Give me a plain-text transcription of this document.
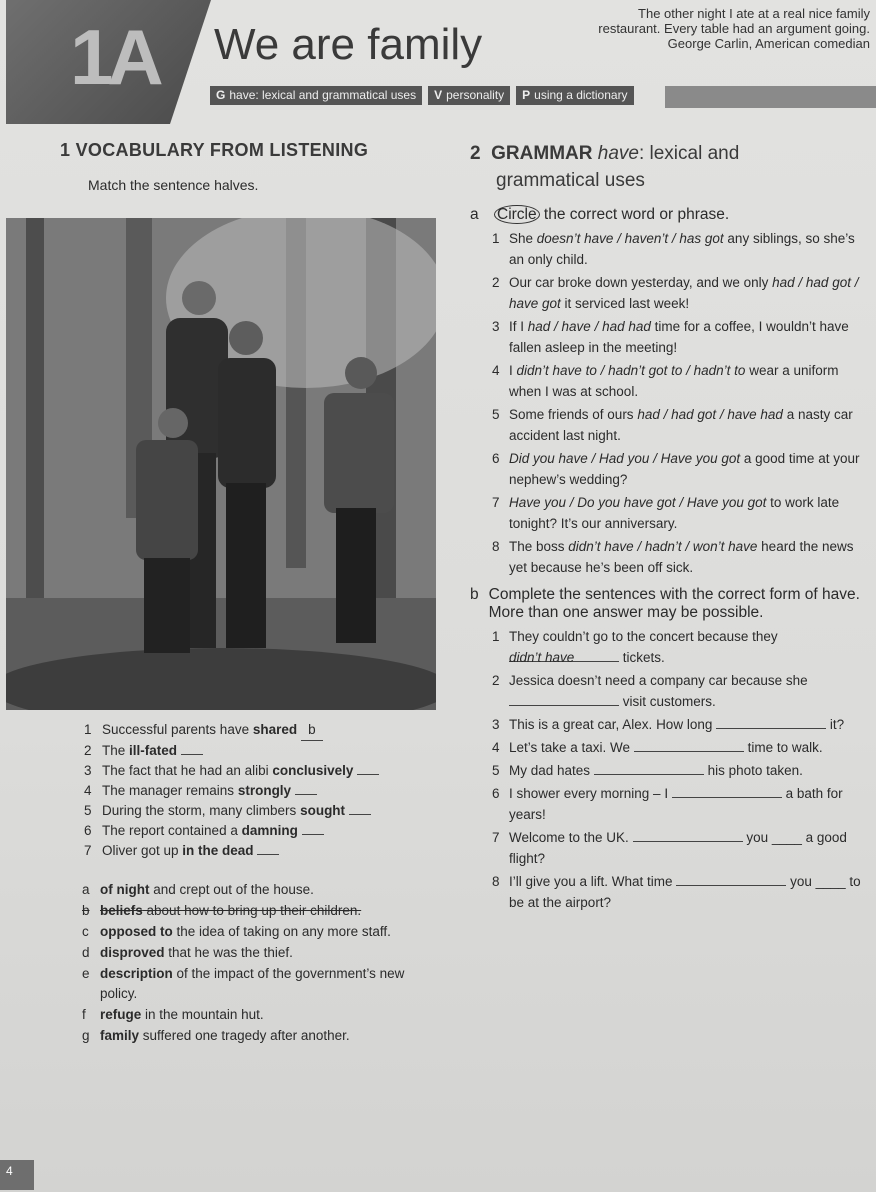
1A We are family
The other night I ate at a real nice family
restaurant. Every table had an argument going.

George Carlin, American comedian
G have: lexical and grammatical uses	V personality	P using a dictionary
1 VOCABULARY FROM LISTENING
Match the sentence halves.
1 Successful parents have shared b
2 The ill-fated
3 The fact that he had an alibi conclusively
4 The manager remains strongly
5 During the storm, many climbers sought
6 The report contained a damning
7 Oliver got up in the dead
a of night and crept out of the house.
b beliefs about how to bring up their children.
c opposed to the idea of taking on any more staff.
d disproved that he was the thief.
e description of the impact of the government’s new policy.
f	refuge in the mountain hut.
g family suffered one tragedy after another.
2 GRAMMAR have: lexical and
grammatical uses
a	Circle the correct word or phrase.
1 She doesn’t have / haven’t / has got any siblings, so she’s an only child.
2 Our car broke down yesterday, and we only had / had got / have got it serviced last week!
3 If I had / have / had had time for a coffee, I wouldn’t have fallen asleep in the meeting!
4 I didn’t have to / hadn’t got to / hadn’t to wear a uniform when I was at school.
5 Some friends of ours had / had got / have had a nasty car accident last night.
6 Did you have / Had you / Have you got a good time at your nephew’s wedding?
7 Have you / Do you have got / Have you got to work late tonight? It’s our anniversary.
8 The boss didn’t have / hadn’t / won’t have heard the news yet because he’s been off sick.
b Complete the sentences with the correct form of have. More than one answer may be possible.
1 They couldn’t go to the concert because they
didn’t have	tickets.
2 Jessica doesn’t need a company car because she
visit customers.
3 This is a great car, Alex. How long	it?
4 Let’s take a taxi. We	time to walk.
5 My dad hates	his photo taken.
6 I shower every morning – I	a bath for years!
7 Welcome to the UK.	you ____ a good flight?
8 I’ll give you a lift. What time	you ____ to be at the airport?
4
